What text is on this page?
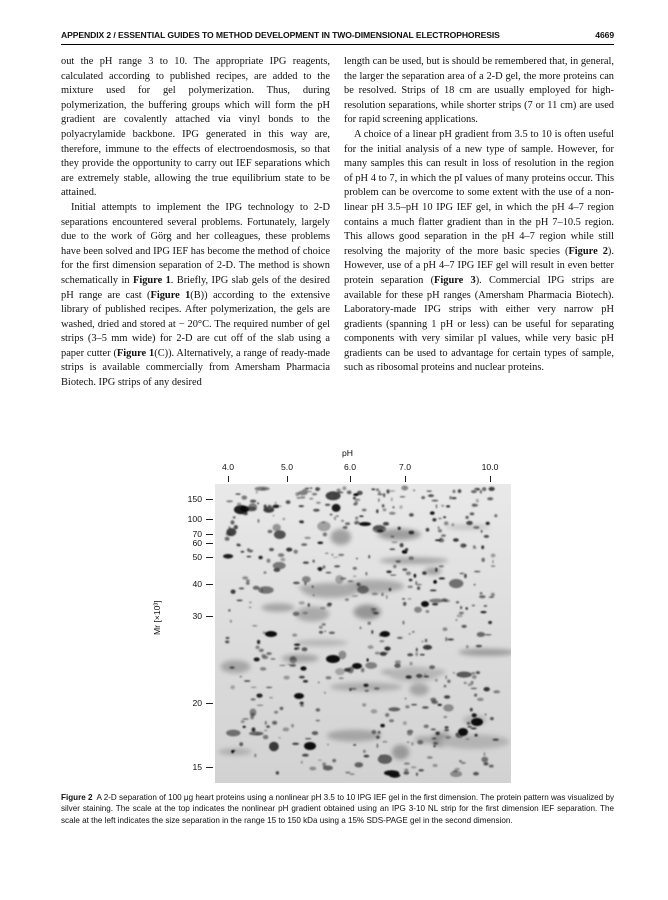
APPENDIX 2 / ESSENTIAL GUIDES TO METHOD DEVELOPMENT IN TWO-DIMENSIONAL ELECTROPHORESIS	4669

out the pH range 3 to 10. The appropriate IPG reagents, calculated according to published recipes, are added to the mixture used for gel polymerization. Thus, during polymerization, the buffering groups which will form the pH gradient are covalently attached via vinyl bonds to the polyacrylamide backbone. IPG generated in this way are, therefore, immune to the effects of electroendosmosis, so that they provide the opportunity to carry out IEF separations which are extremely stable, allowing the true equilibrium state to be attained.

Initial attempts to implement the IPG technology to 2-D separations encountered several problems. Fortunately, largely due to the work of Görg and her colleagues, these problems have been solved and IPG IEF has become the method of choice for the first dimension separation of 2-D. The method is shown schematically in Figure 1. Briefly, IPG slab gels of the desired pH range are cast (Figure 1(B)) according to the extensive library of published recipes. After polymerization, the gels are washed, dried and stored at − 20°C. The required number of gel strips (3–5 mm wide) for 2-D are cut off of the slab using a paper cutter (Figure 1(C)). Alternatively, a range of ready-made strips is available commercially from Amersham Pharmacia Biotech. IPG strips of any desired

length can be used, but is should be remembered that, in general, the larger the separation area of a 2-D gel, the more proteins can be resolved. Strips of 18 cm are usually employed for high-resolution separations, while shorter strips (7 or 11 cm) are used for rapid screening applications.

A choice of a linear pH gradient from 3.5 to 10 is often useful for the initial analysis of a new type of sample. However, for many samples this can result in loss of resolution in the region of pH 4 to 7, in which the pI values of many proteins occur. This problem can be overcome to some extent with the use of a non-linear pH 3.5–pH 10 IPG IEF gel, in which the pH 4–7 region contains a much flatter gradient than in the pH 7–10.5 region. This allows good separation in the pH 4–7 region while still resolving the majority of the more basic species (Figure 2). However, use of a pH 4–7 IPG IEF gel will result in even better protein separation (Figure 3). Commercial IPG strips are available for these pH ranges (Amersham Pharmacia Biotech). Laboratory-made IPG strips with either very narrow pH gradients (spanning 1 pH or less) can be useful for separating components with very similar pI values, while very basic pH gradients can be used to advantage for certain types of sample, such as ribosomal proteins and nuclear proteins.

pH
4.0	5.0	6.0	7.0	10.0
150
100
70
60
50
40
30
20
15
Mr [×10³]
Figure 2 A 2-D separation of 100 μg heart proteins using a nonlinear pH 3.5 to 10 IPG IEF gel in the first dimension. The protein pattern was visualized by silver staining. The scale at the top indicates the nonlinear pH gradient obtained using an IPG 3-10 NL strip for the first dimension IEF separation. The scale at the left indicates the size separation in the range 15 to 150 kDa using a 15% SDS-PAGE gel in the second dimension.
